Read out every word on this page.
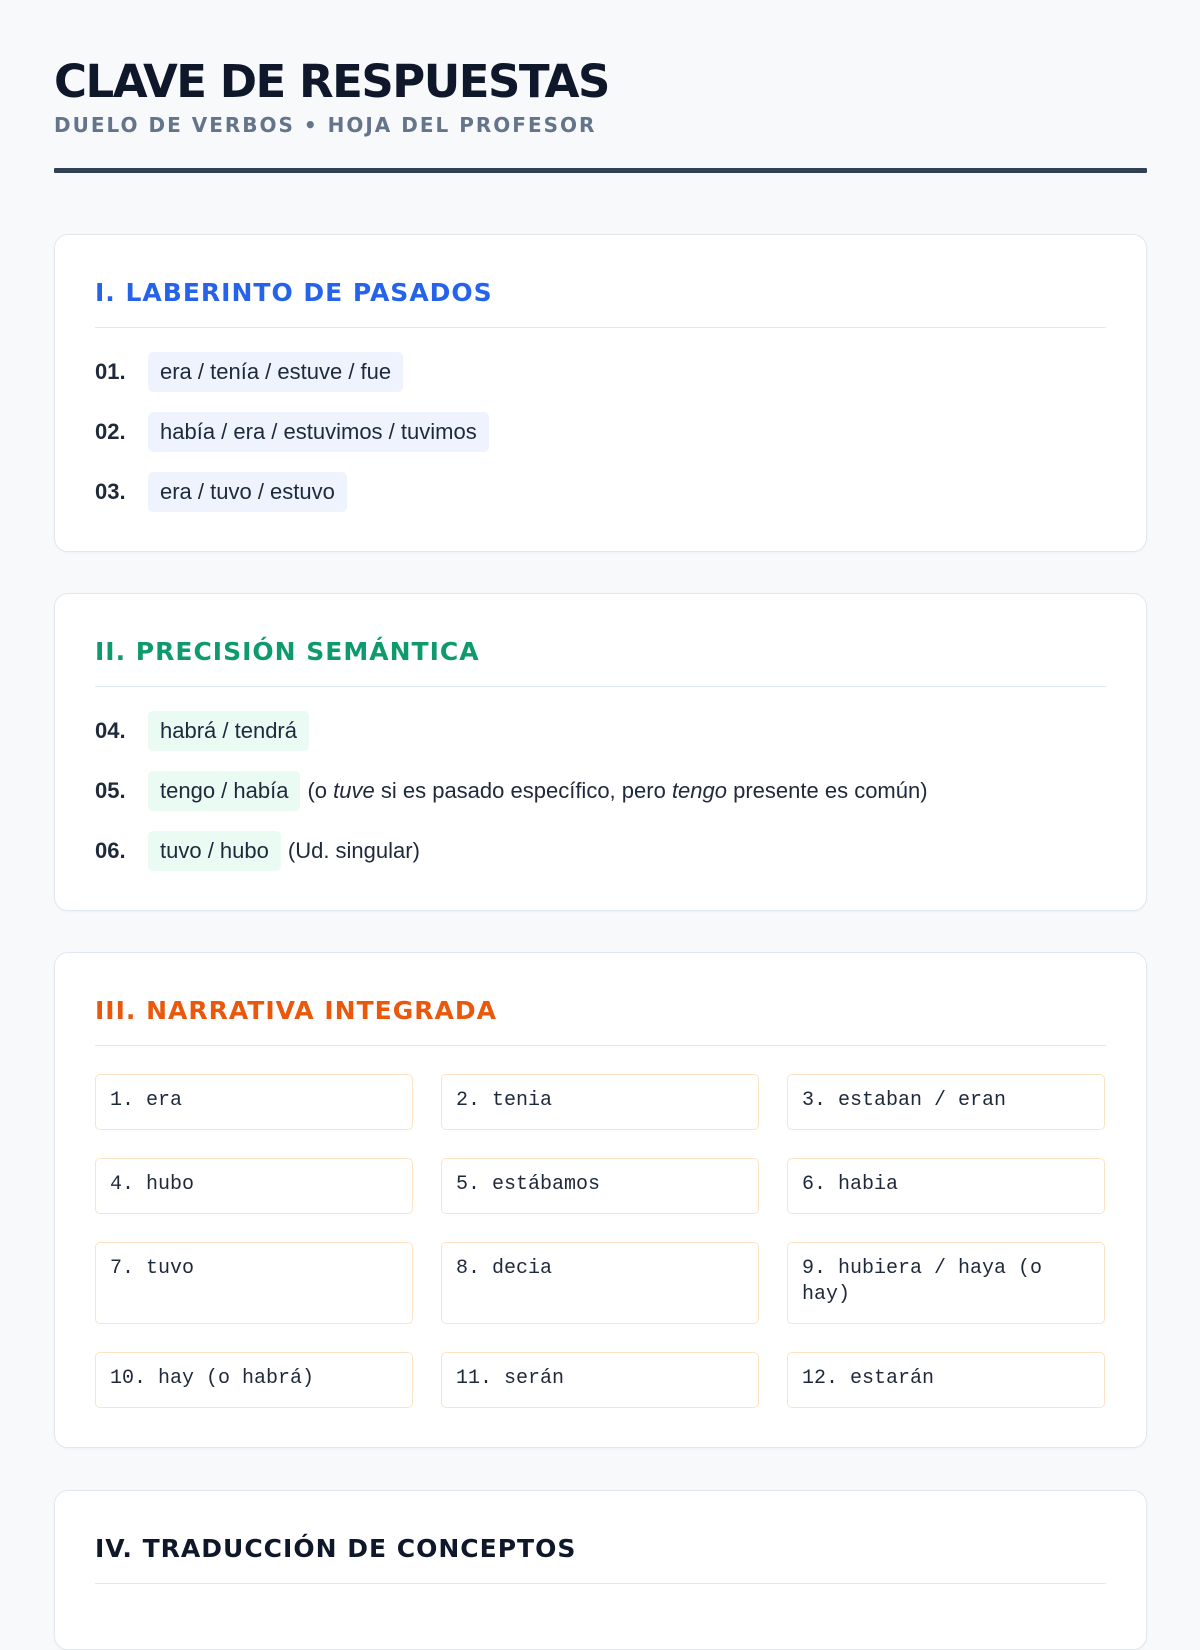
CLAVE DE RESPUESTAS
DUELO DE VERBOS • HOJA DEL PROFESOR
I. LABERINTO DE PASADOS
01.	era / tenía / estuve / fue
02.	había / era / estuvimos / tuvimos
03.	era / tuvo / estuvo
II. PRECISIÓN SEMÁNTICA
04.	habrá / tendrá
05.	tengo / había (o tuve si es pasado específico, pero tengo presente es común)
06.	tuvo / hubo (Ud. singular)
III. NARRATIVA INTEGRADA
1. era	2. tenia	3. estaban / eran
4. hubo	5. estábamos	6. habia
7. tuvo	8. decia	9. hubiera / haya (o hay)
10. hay (o habrá)	11. serán	12. estarán
IV. TRADUCCIÓN DE CONCEPTOS
